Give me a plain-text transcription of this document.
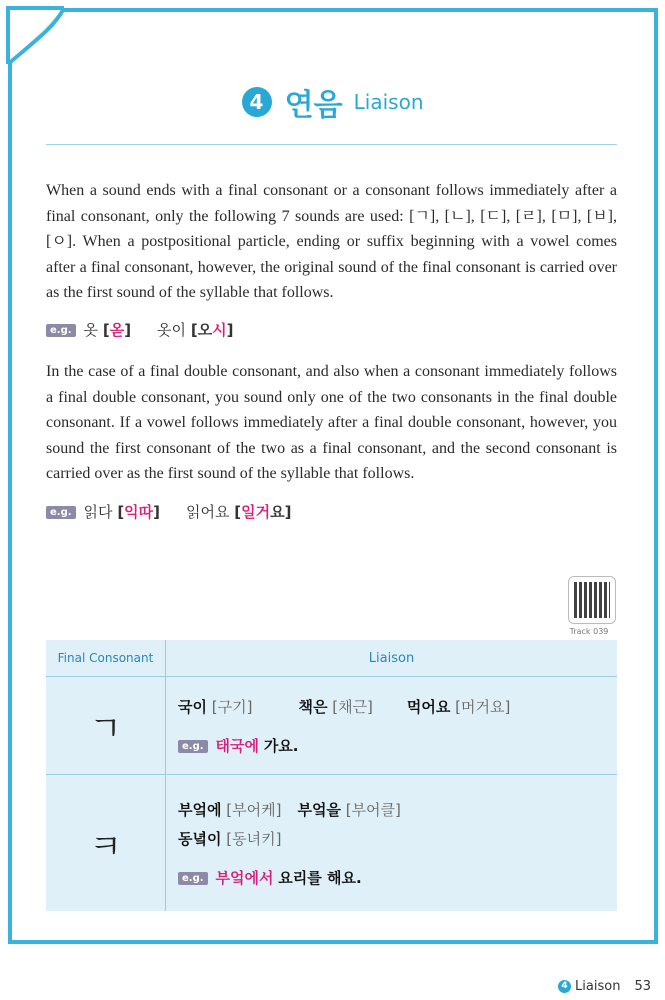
4 연음 Liaison
When a sound ends with a final consonant or a consonant follows immediately after a final consonant, only the following 7 sounds are used: [ㄱ], [ㄴ], [ㄷ], [ㄹ], [ㅁ], [ㅂ], [ㅇ]. When a postpositional particle, ending or suffix beginning with a vowel comes after a final consonant, however, the original sound of the final consonant is carried over as the first sound of the syllable that follows.
e.g. 옷 [옫] 옷이 [오시]
In the case of a final double consonant, and also when a consonant immediately follows a final double consonant, you sound only one of the two consonants in the final double consonant. If a vowel follows immediately after a final double consonant, however, you sound the first consonant of the two as a final consonant, and the second consonant is carried over as the first sound of the syllable that follows.
e.g. 읽다 [익따] 읽어요 [일거요]
Track 039
Final Consonant	Liaison
ㄱ	국이 [구기] 책은 [채근] 먹어요 [머거요]
e.g. 태국에 가요.

ㅋ	부엌에 [부어케] 부엌을 [부어클]
동녘이 [동녀키]
e.g. 부엌에서 요리를 해요.
4 Liaison 53
